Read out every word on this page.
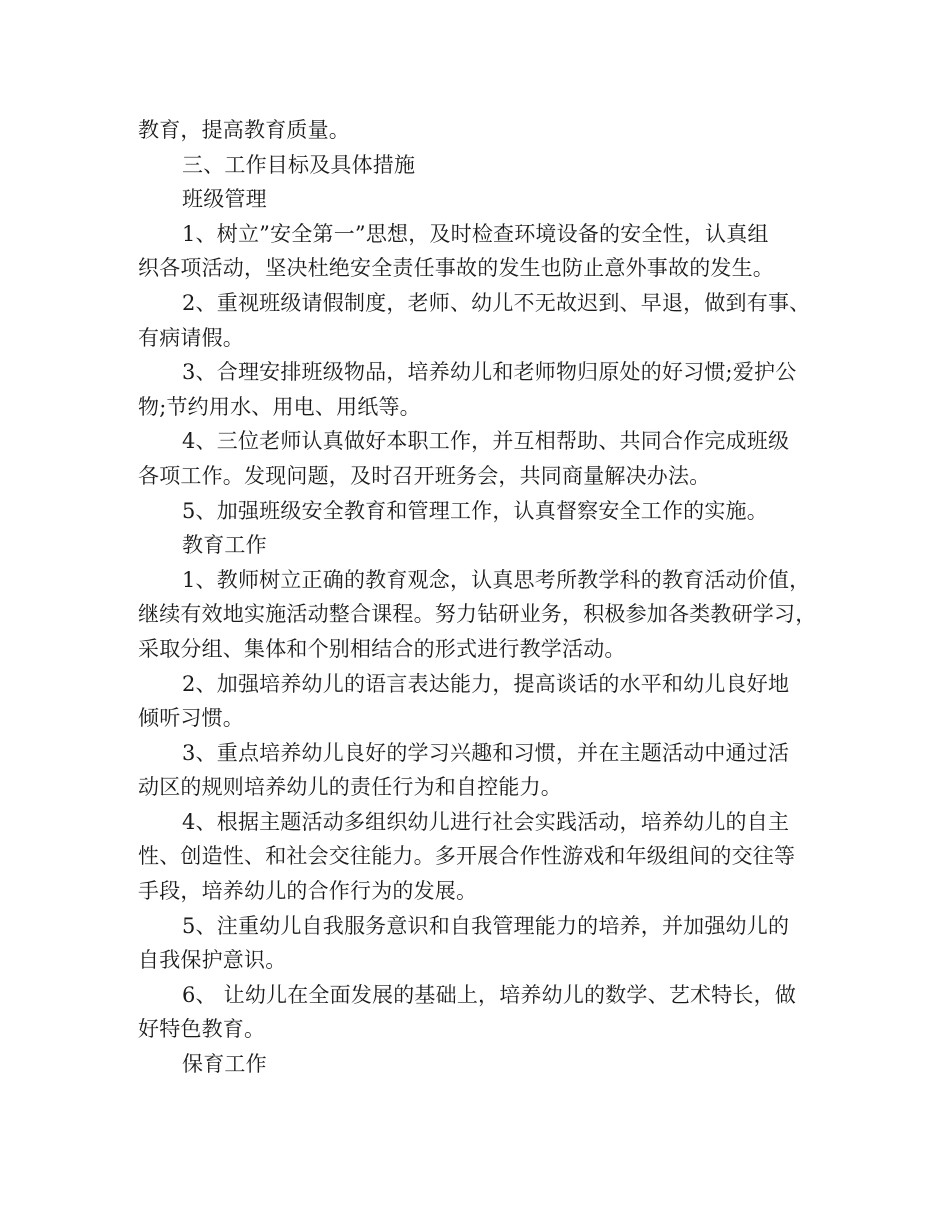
教育，提高教育质量。
三、工作目标及具体措施
班级管理
1、树立”安全第一”思想，及时检查环境设备的安全性，认真组
织各项活动，坚决杜绝安全责任事故的发生也防止意外事故的发生。
2、重视班级请假制度，老师、幼儿不无故迟到、早退，做到有事、
有病请假。
3、合理安排班级物品，培养幼儿和老师物归原处的好习惯;爱护公
物;节约用水、用电、用纸等。
4、三位老师认真做好本职工作，并互相帮助、共同合作完成班级
各项工作。发现问题，及时召开班务会，共同商量解决办法。
5、加强班级安全教育和管理工作，认真督察安全工作的实施。
教育工作
1、教师树立正确的教育观念，认真思考所教学科的教育活动价值，
继续有效地实施活动整合课程。努力钻研业务，积极参加各类教研学习，
采取分组、集体和个别相结合的形式进行教学活动。
2、加强培养幼儿的语言表达能力，提高谈话的水平和幼儿良好地
倾听习惯。
3、重点培养幼儿良好的学习兴趣和习惯，并在主题活动中通过活
动区的规则培养幼儿的责任行为和自控能力。
4、根据主题活动多组织幼儿进行社会实践活动，培养幼儿的自主
性、创造性、和社会交往能力。多开展合作性游戏和年级组间的交往等
手段，培养幼儿的合作行为的发展。
5、注重幼儿自我服务意识和自我管理能力的培养，并加强幼儿的
自我保护意识。
6、 让幼儿在全面发展的基础上，培养幼儿的数学、艺术特长，做
好特色教育。
保育工作
